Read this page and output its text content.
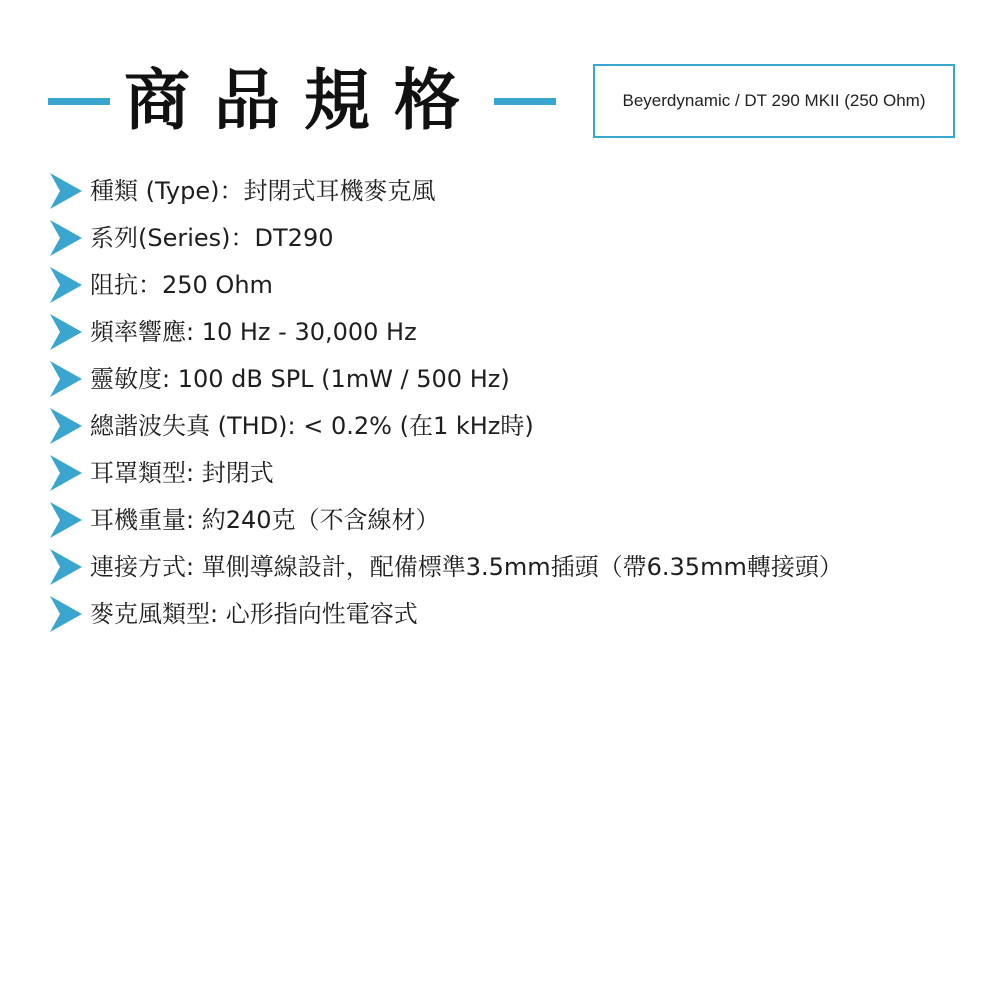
商品規格	Beyerdynamic / DT 290 MKII (250 Ohm)
種類 (Type)：封閉式耳機麥克風
系列(Series)：DT290
阻抗：250 Ohm
頻率響應: 10 Hz - 30,000 Hz
靈敏度: 100 dB SPL (1mW / 500 Hz)
總諧波失真 (THD): < 0.2% (在1 kHz時)
耳罩類型: 封閉式
耳機重量: 約240克（不含線材）
連接方式: 單側導線設計，配備標準3.5mm插頭（帶6.35mm轉接頭）
麥克風類型: 心形指向性電容式
